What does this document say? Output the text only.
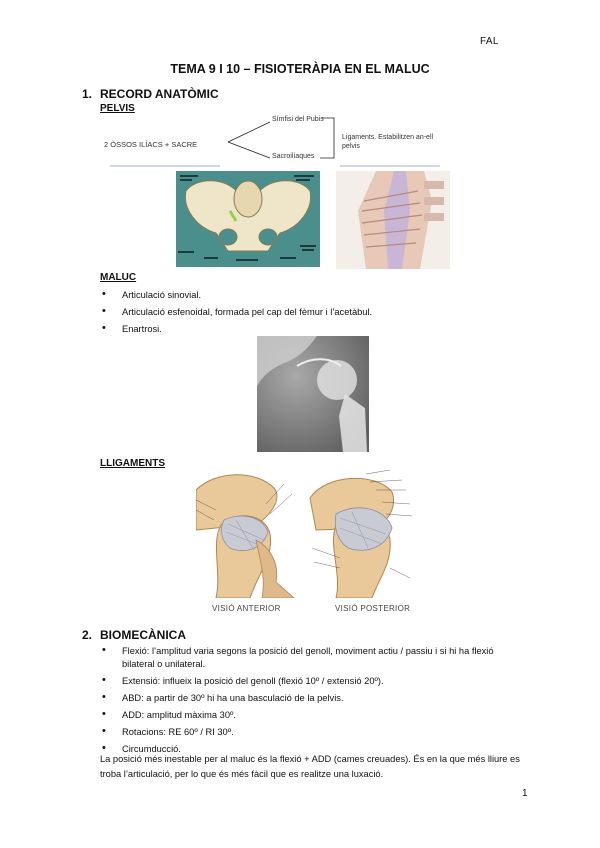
FAL
TEMA 9 I 10 – FISIOTERÀPIA EN EL MALUC
1. RECORD ANATÒMIC
PELVIS
2 ÒSSOS ILÍACS + SACRE
Símfisi del Pubis
Sacroilíaques
Ligaments. Estabilitzen an-ell pelvis
MALUC
• Articulació sinovial.
• Articulació esfenoidal, formada pel cap del fèmur i l’acetàbul.
• Enartrosi.
LLIGAMENTS
VISIÓ ANTERIOR	VISIÓ POSTERIOR
2. BIOMECÀNICA
• Flexió: l’amplitud varia segons la posició del genoll, moviment actiu / passiu i si hi ha flexió bilateral o unilateral.
• Extensió: influeix la posició del genoll (flexió 10º / extensió 20º).
• ABD: a partir de 30º hi ha una basculació de la pelvis.
• ADD: amplitud màxima 30º.
• Rotacions: RE 60º / RI 30º.
• Circumducció.
La posició més inestable per al maluc és la flexió + ADD (cames creuades). És en la que més lliure es troba l’articulació, per lo que és més fàcil que es realitze una luxació.
1
